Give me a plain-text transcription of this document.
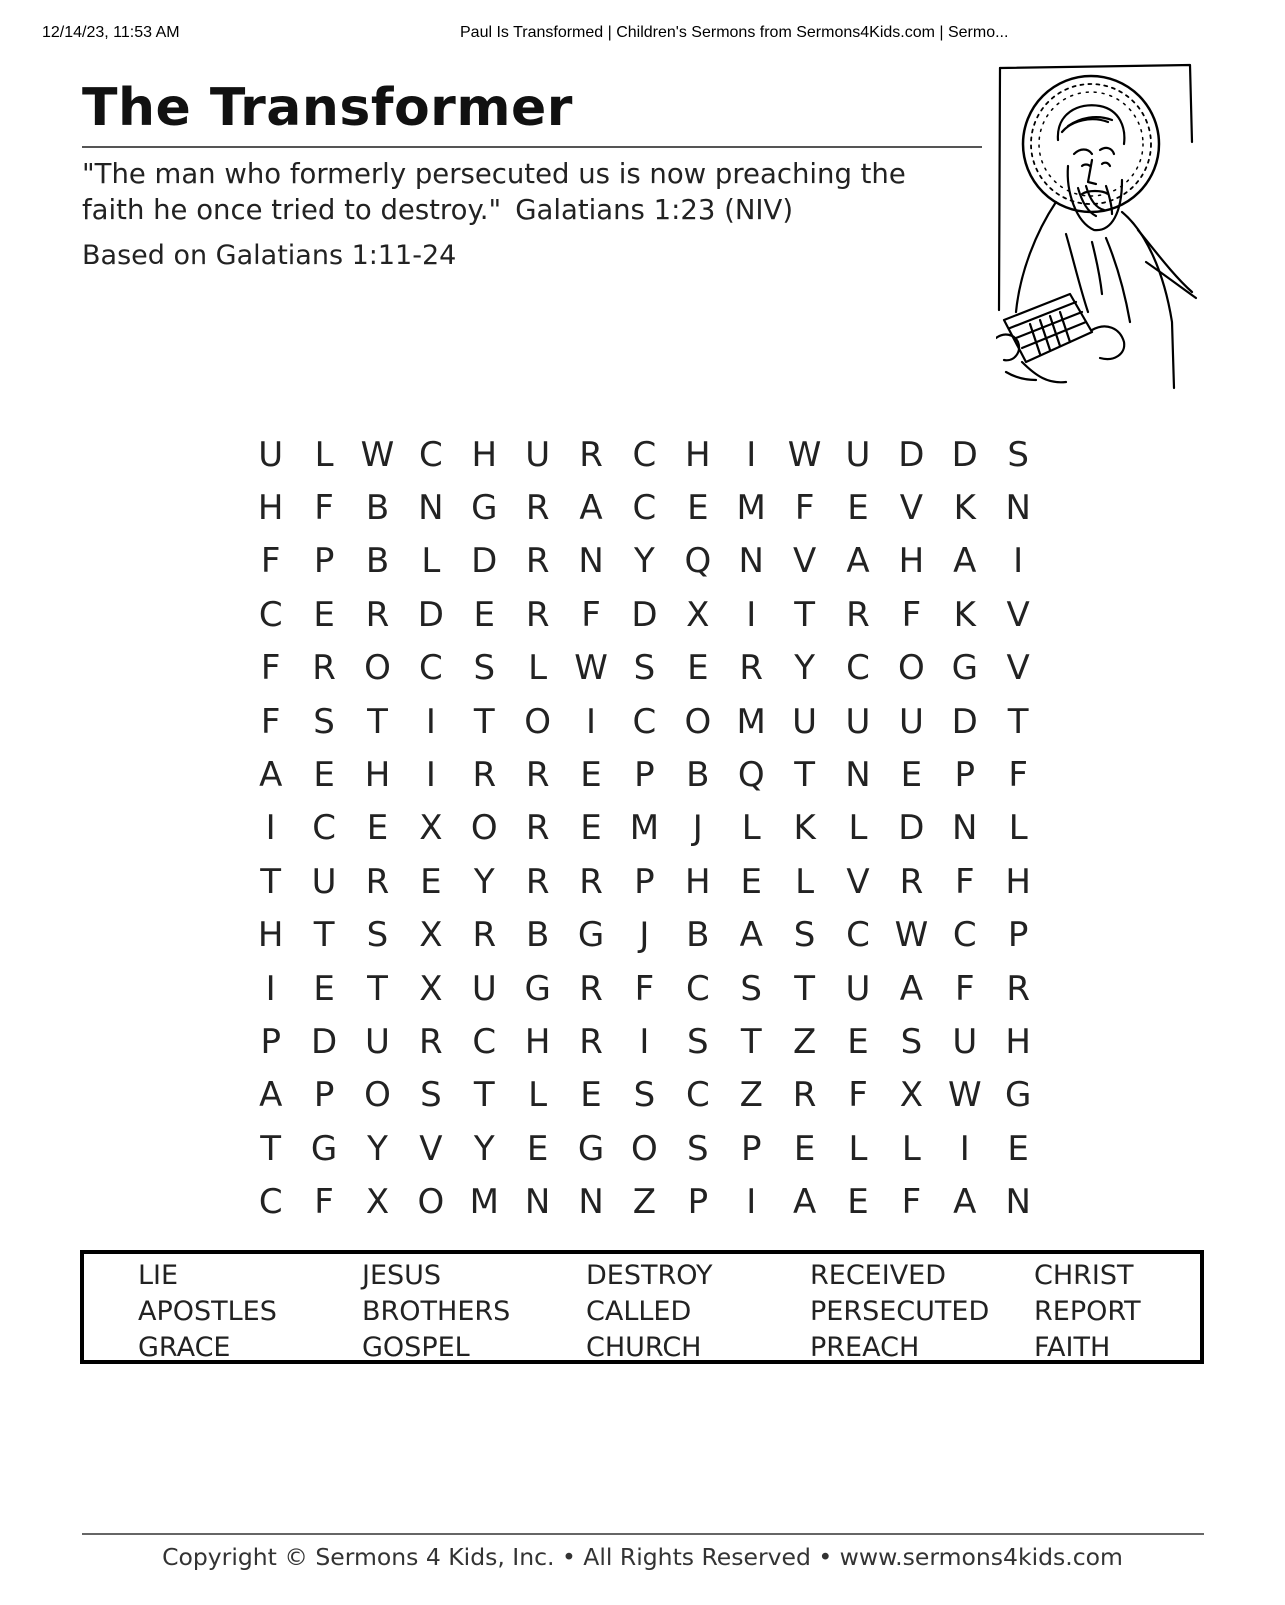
12/14/23, 11:53 AM	Paul Is Transformed | Children's Sermons from Sermons4Kids.com | Sermo...
The Transformer
"The man who formerly persecuted us is now preaching the
faith he once tried to destroy." Galatians 1:23 (NIV)
Based on Galatians 1:11-24
U L W C H U R C H	I W U D D S
H F B N G R A C E M F E V K N
F P B L D R N Y Q N V A H A	I
C E R D E R F D X	I	T R F K V
F R O C S L W S E R Y C O G V
F S T	I	T O	I	C O M U U U D T
A E H	I	R R E P B Q T N E P F
I	C E X O R E M J	L K L D N L
T U R E Y R R P H E L V R F H
H T S X R B G	J	B A S C W C P
I	E T X U G R F C S T U A F R
P D U R C H R	I	S T Z E S U H
A P O S T L E S C Z R F X W G
T G Y V Y E G O S P E L	L	I	E
C F X O M N N Z P	I	A E F A N
LIE	JESUS	DESTROY	RECEIVED	CHRIST
APOSTLES	BROTHERS	CALLED	PERSECUTED	REPORT
GRACE	GOSPEL	CHURCH	PREACH	FAITH
Copyright © Sermons 4 Kids, Inc. • All Rights Reserved • www.sermons4kids.com
